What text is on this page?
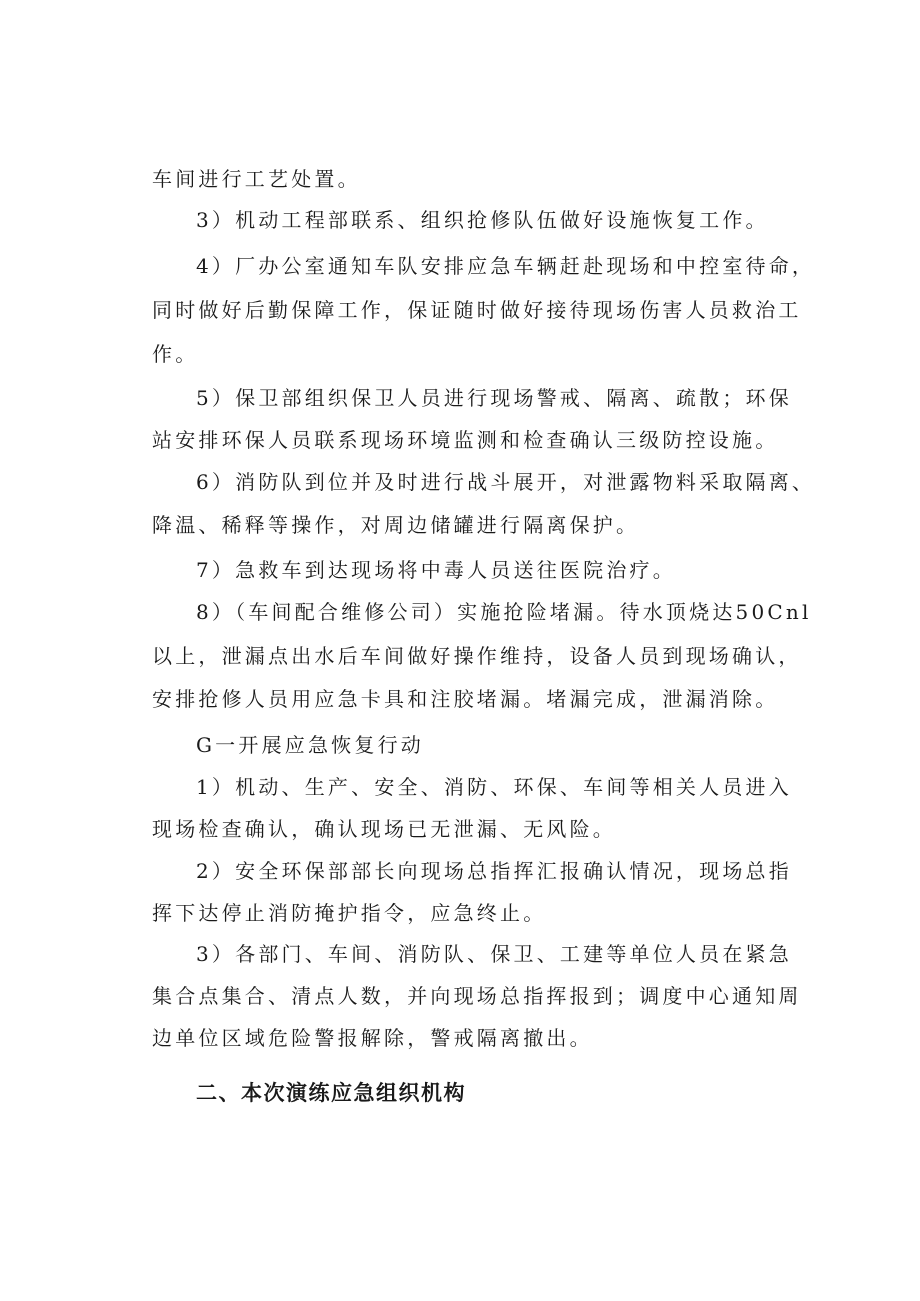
车间进行工艺处置。
3）机动工程部联系、组织抢修队伍做好设施恢复工作。
4）厂办公室通知车队安排应急车辆赶赴现场和中控室待命，
同时做好后勤保障工作，保证随时做好接待现场伤害人员救治工
作。
5）保卫部组织保卫人员进行现场警戒、隔离、疏散；环保
站安排环保人员联系现场环境监测和检查确认三级防控设施。
6）消防队到位并及时进行战斗展开，对泄露物料采取隔离、
降温、稀释等操作，对周边储罐进行隔离保护。
7）急救车到达现场将中毒人员送往医院治疗。
8）（车间配合维修公司）实施抢险堵漏。待水顶烧达50Cnl
以上，泄漏点出水后车间做好操作维持，设备人员到现场确认，
安排抢修人员用应急卡具和注胶堵漏。堵漏完成，泄漏消除。
G一开展应急恢复行动
1）机动、生产、安全、消防、环保、车间等相关人员进入
现场检查确认，确认现场已无泄漏、无风险。
2）安全环保部部长向现场总指挥汇报确认情况，现场总指
挥下达停止消防掩护指令，应急终止。
3）各部门、车间、消防队、保卫、工建等单位人员在紧急
集合点集合、清点人数，并向现场总指挥报到；调度中心通知周
边单位区域危险警报解除，警戒隔离撤出。
二、本次演练应急组织机构
